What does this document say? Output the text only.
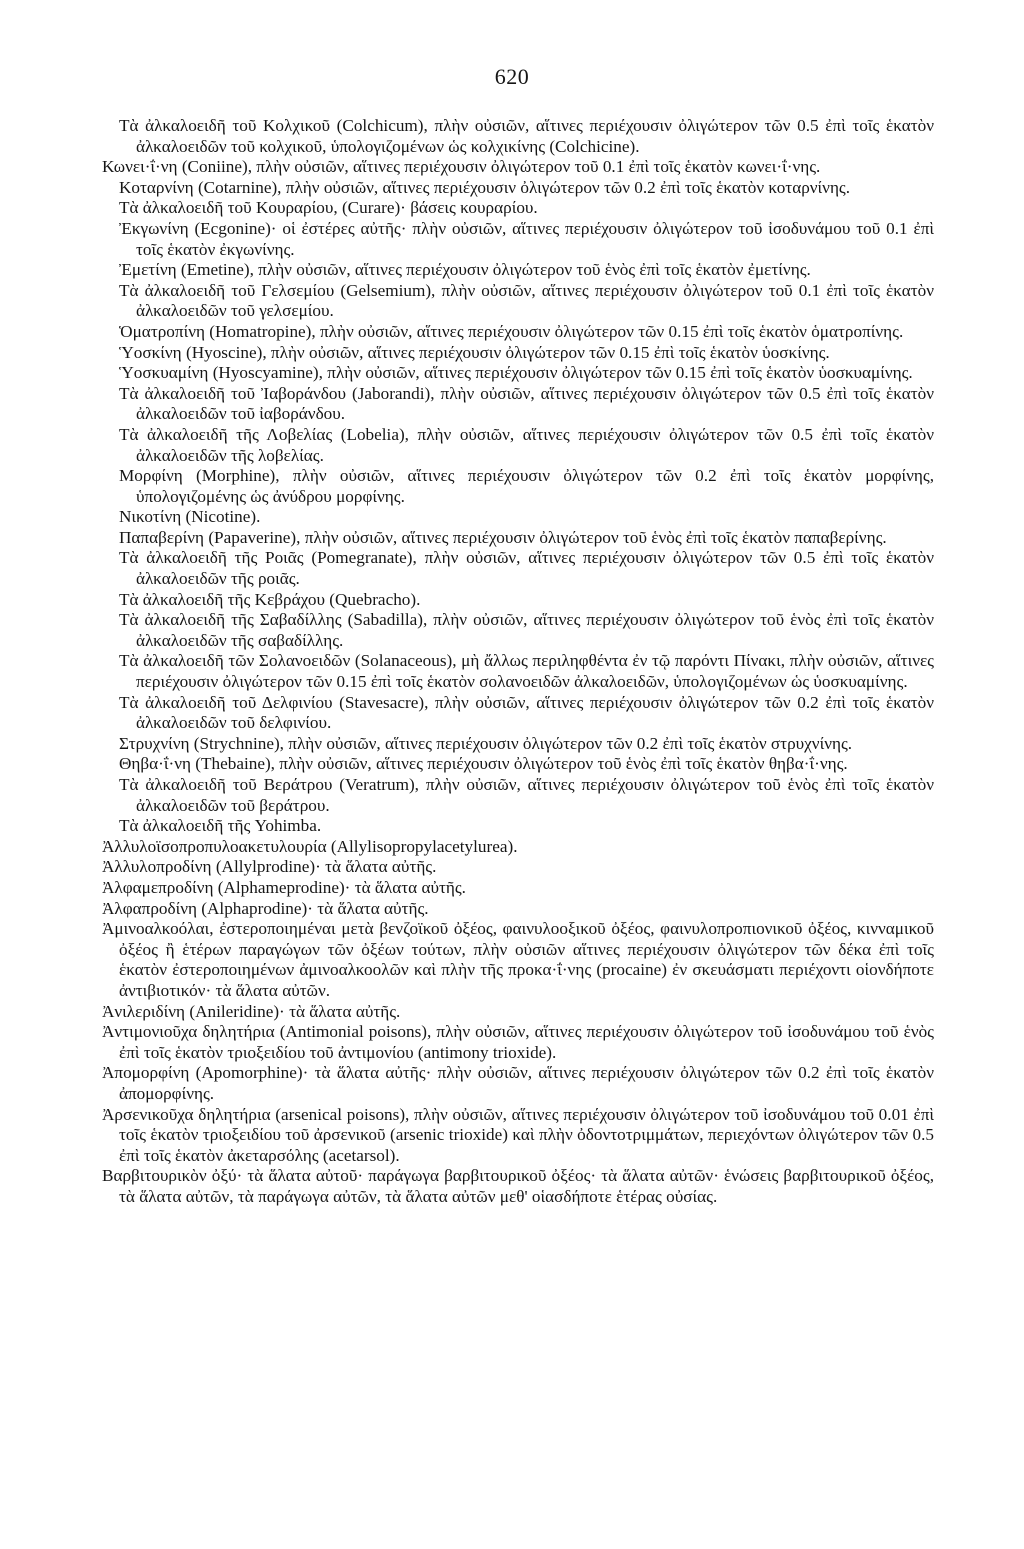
620

Τὰ ἀλκαλοειδῆ τοῦ Κολχικοῦ (Colchicum), πλὴν οὐσιῶν, αἵτινες περιέχουσιν ὀλιγώτερον τῶν 0.5 ἐπὶ τοῖς ἑκατὸν ἀλκαλοειδῶν τοῦ κολχικοῦ, ὑπολογιζομένων ὡς κολχικίνης (Colchicine).

Κωνει·ΐ·νη (Coniine), πλὴν οὐσιῶν, αἵτινες περιέχουσιν ὀλιγώτερον τοῦ 0.1 ἐπὶ τοῖς ἑκατὸν κωνει·ΐ·νης.

Κοταρνίνη (Cotarnine), πλὴν οὐσιῶν, αἵτινες περιέχουσιν ὀλιγώτερον τῶν 0.2 ἐπὶ τοῖς ἑκατὸν κοταρνίνης.

Τὰ ἀλκαλοειδῆ τοῦ Κουραρίου, (Curare)· βάσεις κουραρίου.

Ἐκγωνίνη (Ecgonine)· οἱ ἐστέρες αὐτῆς· πλὴν οὐσιῶν, αἵτινες περιέχουσιν ὀλιγώτερον τοῦ ἰσοδυνάμου τοῦ 0.1 ἐπὶ τοῖς ἑκατὸν ἐκγωνίνης.

Ἐμετίνη (Emetine), πλὴν οὐσιῶν, αἵτινες περιέχουσιν ὀλιγώτερον τοῦ ἑνὸς ἐπὶ τοῖς ἑκατὸν ἐμετίνης.

Τὰ ἀλκαλοειδῆ τοῦ Γελσεμίου (Gelsemium), πλὴν οὐσιῶν, αἵτινες περιέχουσιν ὀλιγώτερον τοῦ 0.1 ἐπὶ τοῖς ἑκατὸν ἀλκαλοειδῶν τοῦ γελσεμίου.

Ὁματροπίνη (Homatropine), πλὴν οὐσιῶν, αἵτινες περιέχουσιν ὀλιγώτερον τῶν 0.15 ἐπὶ τοῖς ἑκατὸν ὁματροπίνης.

Ὑοσκίνη (Hyoscine), πλὴν οὐσιῶν, αἵτινες περιέχουσιν ὀλιγώτερον τῶν 0.15 ἐπὶ τοῖς ἑκατὸν ὑοσκίνης.

Ὑοσκυαμίνη (Hyoscyamine), πλὴν οὐσιῶν, αἵτινες περιέχουσιν ὀλιγώτερον τῶν 0.15 ἐπὶ τοῖς ἑκατὸν ὑοσκυαμίνης.

Τὰ ἀλκαλοειδῆ τοῦ Ἰαβοράνδου (Jaborandi), πλὴν οὐσιῶν, αἵτινες περιέχουσιν ὀλιγώτερον τῶν 0.5 ἐπὶ τοῖς ἑκατὸν ἀλκαλοειδῶν τοῦ ἰαβοράνδου.

Τὰ ἀλκαλοειδῆ τῆς Λοβελίας (Lobelia), πλὴν οὐσιῶν, αἵτινες περιέχουσιν ὀλιγώτερον τῶν 0.5 ἐπὶ τοῖς ἑκατὸν ἀλκαλοειδῶν τῆς λοβελίας.

Μορφίνη (Morphine), πλὴν οὐσιῶν, αἵτινες περιέχουσιν ὀλιγώτερον τῶν 0.2 ἐπὶ τοῖς ἑκατὸν μορφίνης, ὑπολογιζομένης ὡς ἀνύδρου μορφίνης.

Νικοτίνη (Nicotine).

Παπαβερίνη (Papaverine), πλὴν οὐσιῶν, αἵτινες περιέχουσιν ὀλιγώτερον τοῦ ἑνὸς ἐπὶ τοῖς ἑκατὸν παπαβερίνης.

Τὰ ἀλκαλοειδῆ τῆς Ροιᾶς (Pomegranate), πλὴν οὐσιῶν, αἵτινες περιέχουσιν ὀλιγώτερον τῶν 0.5 ἐπὶ τοῖς ἑκατὸν ἀλκαλοειδῶν τῆς ροιᾶς.

Τὰ ἀλκαλοειδῆ τῆς Κεβράχου (Quebracho).

Τὰ ἀλκαλοειδῆ τῆς Σαβαδίλλης (Sabadilla), πλὴν οὐσιῶν, αἵτινες περιέχουσιν ὀλιγώτερον τοῦ ἑνὸς ἐπὶ τοῖς ἑκατὸν ἀλκαλοειδῶν τῆς σαβαδίλλης.

Τὰ ἀλκαλοειδῆ τῶν Σολανοειδῶν (Solanaceous), μὴ ἄλλως περιληφθέντα ἐν τῷ παρόντι Πίνακι, πλὴν οὐσιῶν, αἵτινες περιέχουσιν ὀλιγώτερον τῶν 0.15 ἐπὶ τοῖς ἑκατὸν σολανοειδῶν ἀλκαλοειδῶν, ὑπολογιζομένων ὡς ὑοσκυαμίνης.

Τὰ ἀλκαλοειδῆ τοῦ Δελφινίου (Stavesacre), πλὴν οὐσιῶν, αἵτινες περιέχουσιν ὀλιγώτερον τῶν 0.2 ἐπὶ τοῖς ἑκατὸν ἀλκαλοειδῶν τοῦ δελφινίου.

Στρυχνίνη (Strychnine), πλὴν οὐσιῶν, αἵτινες περιέχουσιν ὀλιγώτερον τῶν 0.2 ἐπὶ τοῖς ἑκατὸν στρυχνίνης.

Θηβα·ΐ·νη (Thebaine), πλὴν οὐσιῶν, αἵτινες περιέχουσιν ὀλιγώτερον τοῦ ἑνὸς ἐπὶ τοῖς ἑκατὸν θηβα·ΐ·νης.

Τὰ ἀλκαλοειδῆ τοῦ Βεράτρου (Veratrum), πλὴν οὐσιῶν, αἵτινες περιέχουσιν ὀλιγώτερον τοῦ ἑνὸς ἐπὶ τοῖς ἑκατὸν ἀλκαλοειδῶν τοῦ βεράτρου.

Τὰ ἀλκαλοειδῆ τῆς Yohimba.

Ἀλλυλοϊσοπροπυλοακετυλουρία (Allylisopropylacetylurea).

Ἀλλυλοπροδίνη (Allylprodine)· τὰ ἅλατα αὐτῆς.

Ἀλφαμεπροδίνη (Alphameprodine)· τὰ ἅλατα αὐτῆς.

Ἀλφαπροδίνη (Alphaprodine)· τὰ ἅλατα αὐτῆς.

Ἀμινοαλκοόλαι, ἐστεροποιημέναι μετὰ βενζοϊκοῦ ὀξέος, φαινυλοοξικοῦ ὀξέος, φαινυλοπροπιονικοῦ ὀξέος, κινναμικοῦ ὀξέος ἢ ἑτέρων παραγώγων τῶν ὀξέων τούτων, πλὴν οὐσιῶν αἵτινες περιέχουσιν ὀλιγώτερον τῶν δέκα ἐπὶ τοῖς ἑκατὸν ἐστεροποιημένων ἀμινοαλκοολῶν καὶ πλὴν τῆς προκα·ΐ·νης (procaine) ἐν σκευάσματι περιέχοντι οἱονδήποτε ἀντιβιοτικόν· τὰ ἅλατα αὐτῶν.

Ἀνιλεριδίνη (Anileridine)· τὰ ἅλατα αὐτῆς.

Ἀντιμονιοῦχα δηλητήρια (Antimonial poisons), πλὴν οὐσιῶν, αἵτινες περιέχουσιν ὀλιγώτερον τοῦ ἰσοδυνάμου τοῦ ἑνὸς ἐπὶ τοῖς ἑκατὸν τριοξειδίου τοῦ ἀντιμονίου (antimony trioxide).

Ἀπομορφίνη (Apomorphine)· τὰ ἅλατα αὐτῆς· πλὴν οὐσιῶν, αἵτινες περιέχουσιν ὀλιγώτερον τῶν 0.2 ἐπὶ τοῖς ἑκατὸν ἀπομορφίνης.

Ἀρσενικοῦχα δηλητήρια (arsenical poisons), πλὴν οὐσιῶν, αἵτινες περιέχουσιν ὀλιγώτερον τοῦ ἰσοδυνάμου τοῦ 0.01 ἐπὶ τοῖς ἑκατὸν τριοξειδίου τοῦ ἀρσενικοῦ (arsenic trioxide) καὶ πλὴν ὀδοντοτριμμάτων, περιεχόντων ὀλιγώτερον τῶν 0.5 ἐπὶ τοῖς ἑκατὸν ἀκεταρσόλης (acetarsol).

Βαρβιτουρικὸν ὀξύ· τὰ ἅλατα αὐτοῦ· παράγωγα βαρβιτουρικοῦ ὀξέος· τὰ ἅλατα αὐτῶν· ἑνώσεις βαρβιτουρικοῦ ὀξέος, τὰ ἅλατα αὐτῶν, τὰ παράγωγα αὐτῶν, τὰ ἅλατα αὐτῶν μεθ' οἱασδήποτε ἑτέρας οὐσίας.
